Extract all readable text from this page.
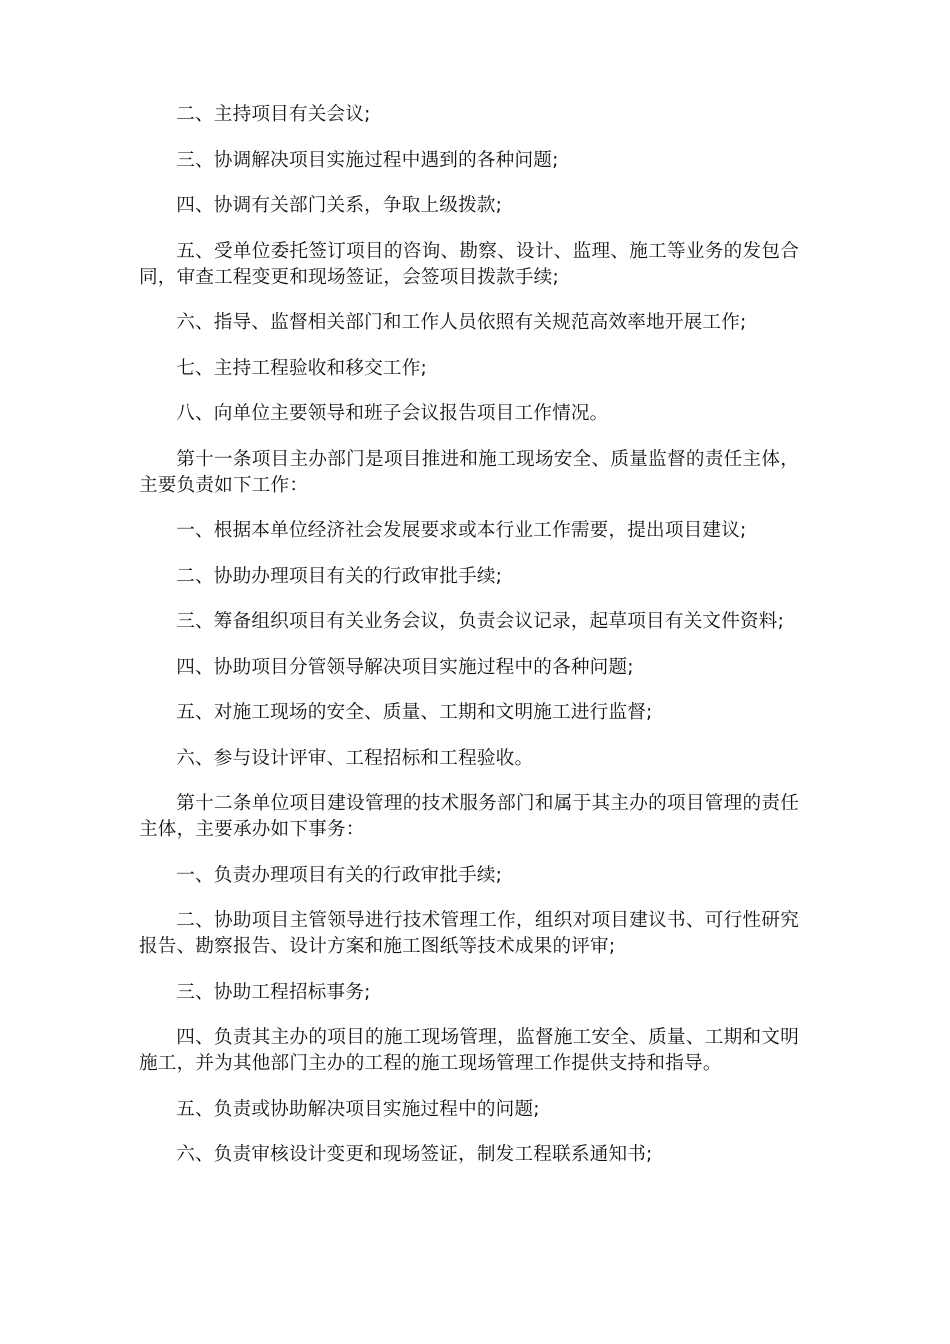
二、主持项目有关会议;

三、协调解决项目实施过程中遇到的各种问题;

四、协调有关部门关系，争取上级拨款;

五、受单位委托签订项目的咨询、勘察、设计、监理、施工等业务的发包合同，审查工程变更和现场签证，会签项目拨款手续;

六、指导、监督相关部门和工作人员依照有关规范高效率地开展工作;

七、主持工程验收和移交工作;

八、向单位主要领导和班子会议报告项目工作情况。

第十一条项目主办部门是项目推进和施工现场安全、质量监督的责任主体，主要负责如下工作：

一、根据本单位经济社会发展要求或本行业工作需要，提出项目建议;

二、协助办理项目有关的行政审批手续;

三、筹备组织项目有关业务会议，负责会议记录，起草项目有关文件资料;

四、协助项目分管领导解决项目实施过程中的各种问题;

五、对施工现场的安全、质量、工期和文明施工进行监督;

六、参与设计评审、工程招标和工程验收。

第十二条单位项目建设管理的技术服务部门和属于其主办的项目管理的责任主体，主要承办如下事务：

一、负责办理项目有关的行政审批手续;

二、协助项目主管领导进行技术管理工作，组织对项目建议书、可行性研究报告、勘察报告、设计方案和施工图纸等技术成果的评审;

三、协助工程招标事务;

四、负责其主办的项目的施工现场管理，监督施工安全、质量、工期和文明施工，并为其他部门主办的工程的施工现场管理工作提供支持和指导。

五、负责或协助解决项目实施过程中的问题;

六、负责审核设计变更和现场签证，制发工程联系通知书;
